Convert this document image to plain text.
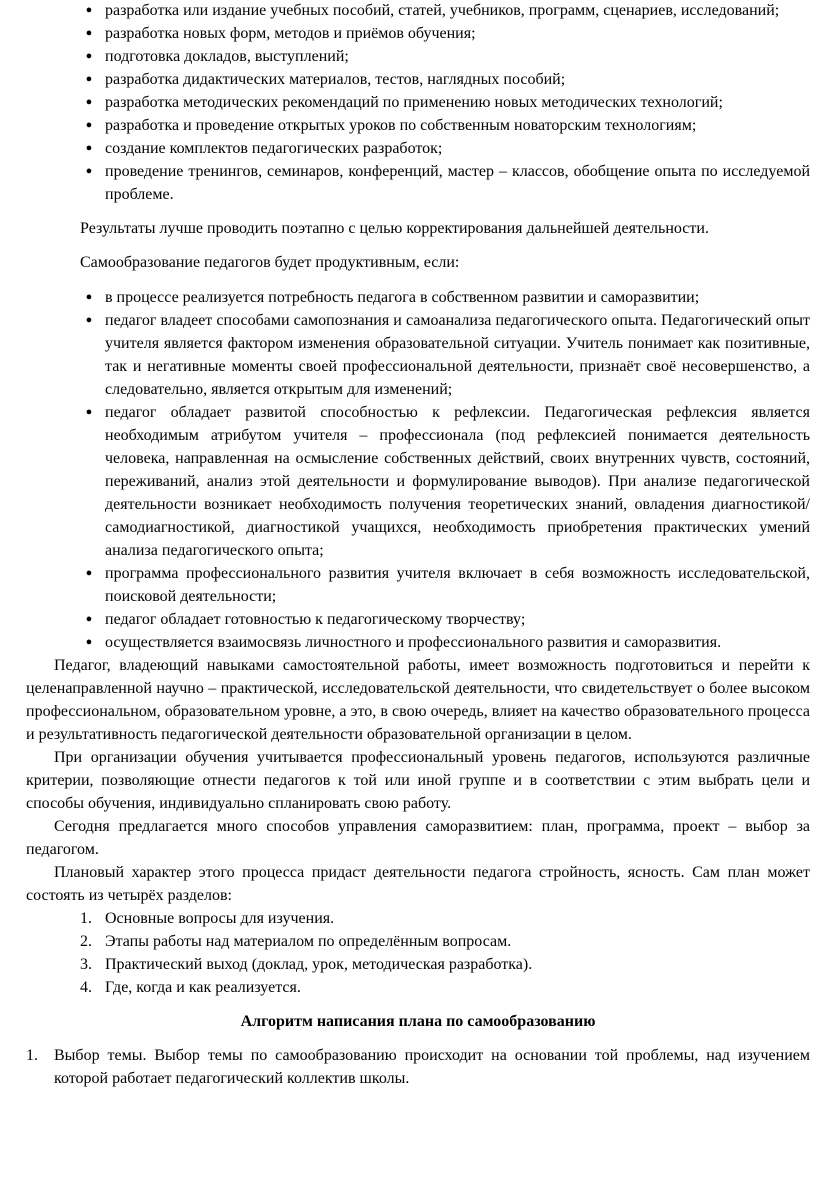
● разработка или издание учебных пособий, статей, учебников, программ, сценариев, исследований;
● разработка новых форм, методов и приёмов обучения;
● подготовка докладов, выступлений;
● разработка дидактических материалов, тестов, наглядных пособий;
● разработка методических рекомендаций по применению новых методических технологий;
● разработка и проведение открытых уроков по собственным новаторским технологиям;
● создание комплектов педагогических разработок;
● проведение тренингов, семинаров, конференций, мастер – классов, обобщение опыта по исследуемой проблеме.

Результаты лучше проводить поэтапно с целью корректирования дальнейшей деятельности.

Самообразование педагогов будет продуктивным, если:

● в процессе реализуется потребность педагога в собственном развитии и саморазвитии;
● педагог владеет способами самопознания и самоанализа педагогического опыта. Педагогический опыт учителя является фактором изменения образовательной ситуации. Учитель понимает как позитивные, так и негативные моменты своей профессиональной деятельности, признаёт своё несовершенство, а следовательно, является открытым для изменений;
● педагог обладает развитой способностью к рефлексии. Педагогическая рефлексия является необходимым атрибутом учителя – профессионала (под рефлексией понимается деятельность человека, направленная на осмысление собственных действий, своих внутренних чувств, состояний, переживаний, анализ этой деятельности и формулирование выводов). При анализе педагогической деятельности возникает необходимость получения теоретических знаний, овладения диагностикой/самодиагностикой, диагностикой учащихся, необходимость приобретения практических умений анализа педагогического опыта;
● программа профессионального развития учителя включает в себя возможность исследовательской, поисковой деятельности;
● педагог обладает готовностью к педагогическому творчеству;
● осуществляется взаимосвязь личностного и профессионального развития и саморазвития.

Педагог, владеющий навыками самостоятельной работы, имеет возможность подготовиться и перейти к целенаправленной научно – практической, исследовательской деятельности, что свидетельствует о более высоком профессиональном, образовательном уровне, а это, в свою очередь, влияет на качество образовательного процесса и результативность педагогической деятельности образовательной организации в целом.

При организации обучения учитывается профессиональный уровень педагогов, используются различные критерии, позволяющие отнести педагогов к той или иной группе и в соответствии с этим выбрать цели и способы обучения, индивидуально спланировать свою работу.

Сегодня предлагается много способов управления саморазвитием: план, программа, проект – выбор за педагогом.

Плановый характер этого процесса придаст деятельности педагога стройность, ясность. Сам план может состоять из четырёх разделов:

1. Основные вопросы для изучения.
2. Этапы работы над материалом по определённым вопросам.
3. Практический выход (доклад, урок, методическая разработка).
4. Где, когда и как реализуется.

Алгоритм написания плана по самообразованию

1. Выбор темы. Выбор темы по самообразованию происходит на основании той проблемы, над изучением которой работает педагогический коллектив школы.
